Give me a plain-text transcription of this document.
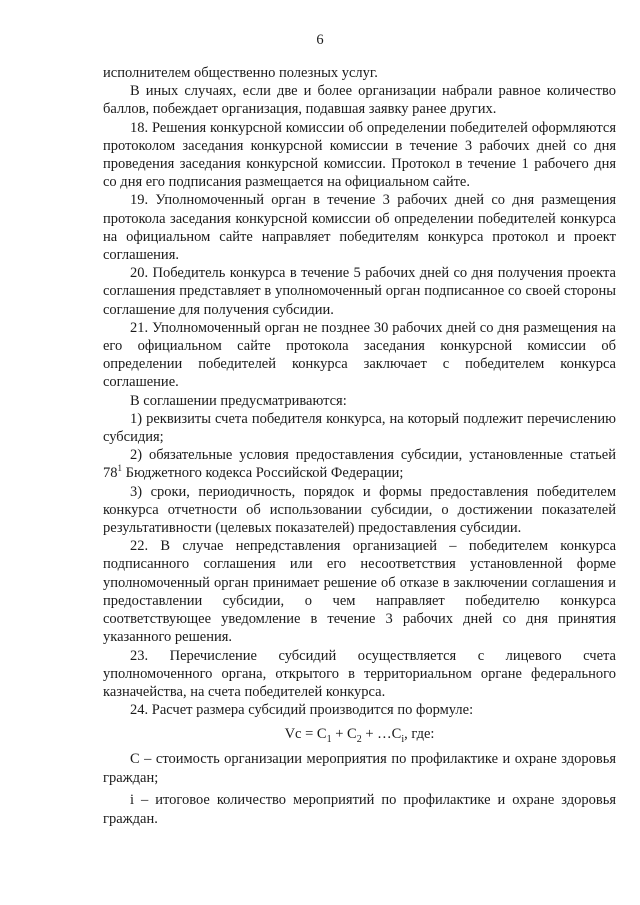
6

исполнителем общественно полезных услуг.

В иных случаях, если две и более организации набрали равное количество баллов, побеждает организация, подавшая заявку ранее других.

18. Решения конкурсной комиссии об определении победителей оформляются протоколом заседания конкурсной комиссии в течение 3 рабочих дней со дня проведения заседания конкурсной комиссии. Протокол в течение 1 рабочего дня со дня его подписания размещается на официальном сайте.

19. Уполномоченный орган в течение 3 рабочих дней со дня размещения протокола заседания конкурсной комиссии об определении победителей конкурса на официальном сайте направляет победителям конкурса протокол и проект соглашения.

20. Победитель конкурса в течение 5 рабочих дней со дня получения проекта соглашения представляет в уполномоченный орган подписанное со своей стороны соглашение для получения субсидии.

21. Уполномоченный орган не позднее 30 рабочих дней со дня размещения на его официальном сайте протокола заседания конкурсной комиссии об определении победителей конкурса заключает с победителем конкурса соглашение.

В соглашении предусматриваются:

1) реквизиты счета победителя конкурса, на который подлежит перечислению субсидия;

2) обязательные условия предоставления субсидии, установленные статьей $78^1$ Бюджетного кодекса Российской Федерации;

3) сроки, периодичность, порядок и формы предоставления победителем конкурса отчетности об использовании субсидии, о достижении показателей результативности (целевых показателей) предоставления субсидии.

22. В случае непредставления организацией – победителем конкурса подписанного соглашения или его несоответствия установленной форме уполномоченный орган принимает решение об отказе в заключении соглашения и предоставлении субсидии, о чем направляет победителю конкурса соответствующее уведомление в течение 3 рабочих дней со дня принятия указанного решения.

23. Перечисление субсидий осуществляется с лицевого счета уполномоченного органа, открытого в территориальном органе федерального казначейства, на счета победителей конкурса.

24. Расчет размера субсидий производится по формуле:

$Vc = C_1 + C_2$ + $\dots C_i$, где:

С – стоимость организации мероприятия по профилактике и охране здоровья граждан;

i – итоговое количество мероприятий по профилактике и охране здоровья граждан.
